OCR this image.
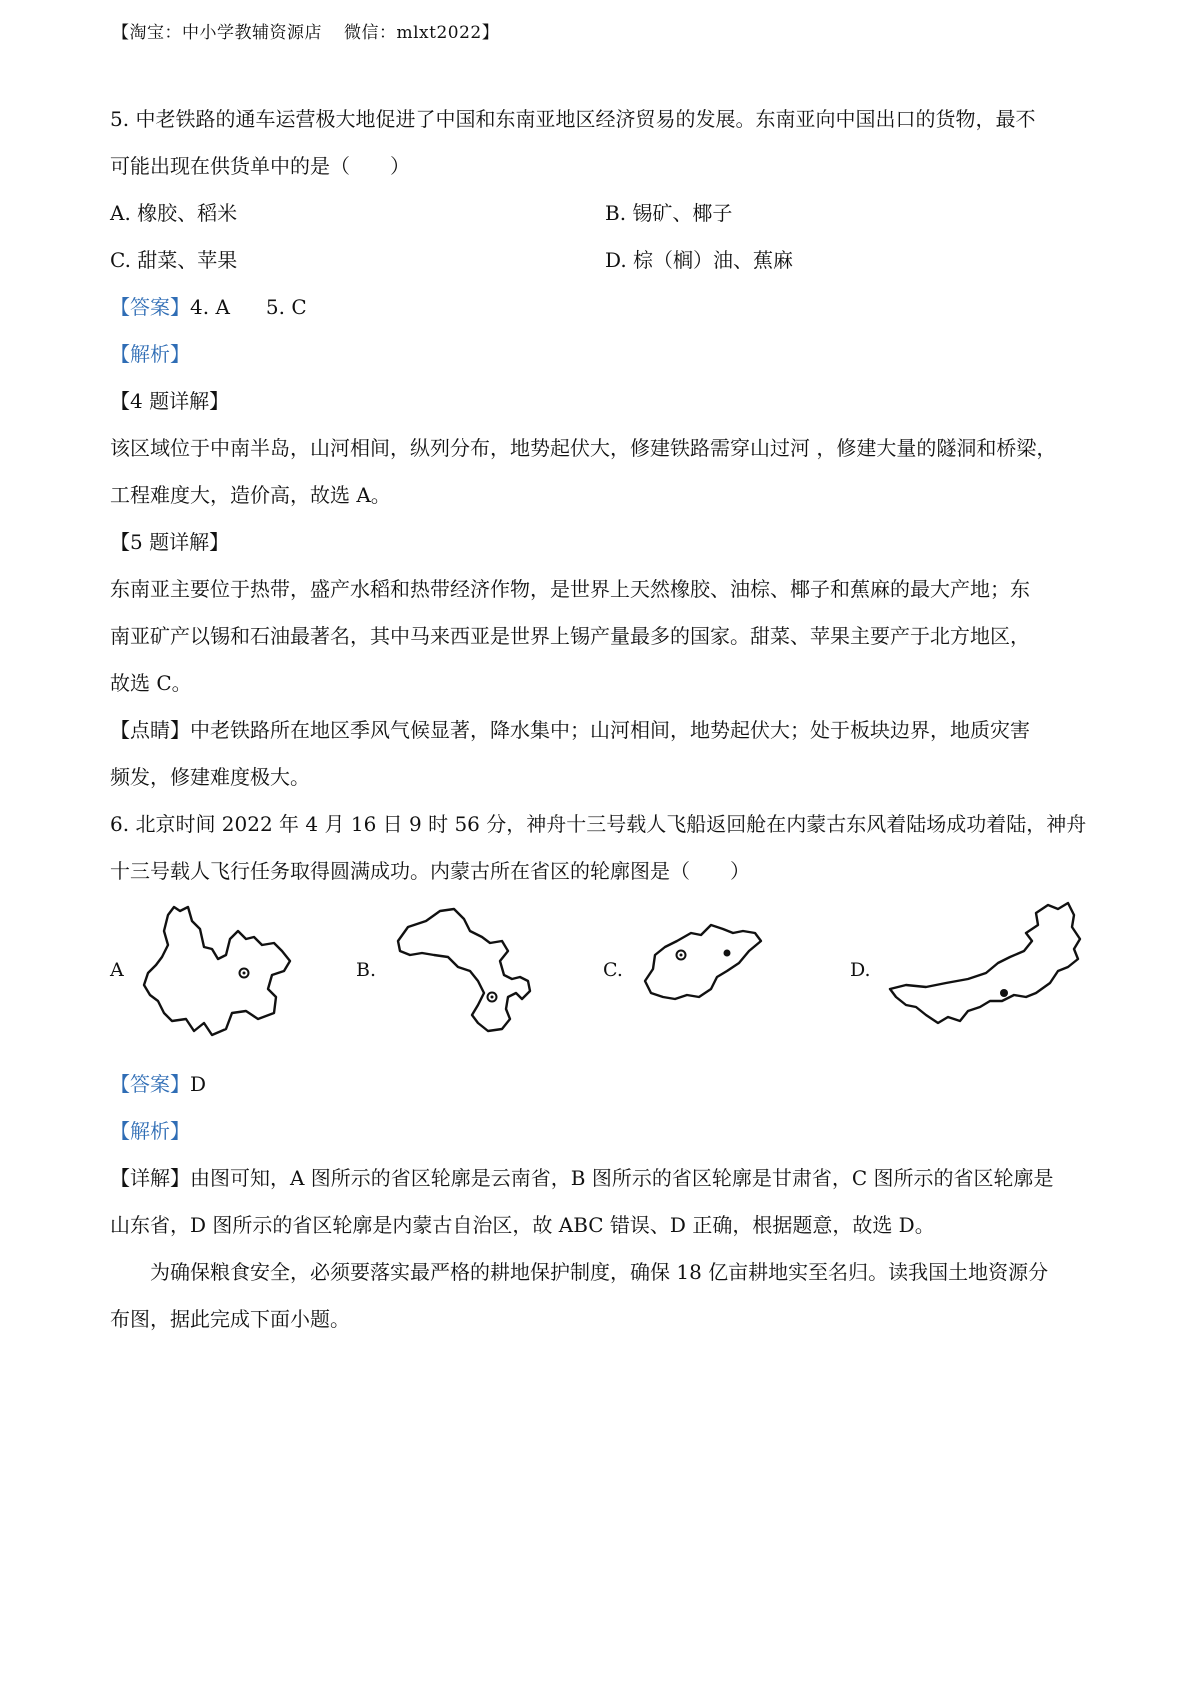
【淘宝：中小学教辅资源店 微信：mlxt2022】

5. 中老铁路的通车运营极大地促进了中国和东南亚地区经济贸易的发展。东南亚向中国出口的货物，最不

可能出现在供货单中的是（　　）

A. 橡胶、稻米	B. 锡矿、椰子
C. 甜菜、苹果	D. 棕（榈）油、蕉麻

【答案】4. A 5. C

【解析】

【4 题详解】

该区域位于中南半岛，山河相间，纵列分布，地势起伏大，修建铁路需穿山过河 ，修建大量的隧洞和桥梁，

工程难度大，造价高，故选 A。

【5 题详解】

东南亚主要位于热带，盛产水稻和热带经济作物，是世界上天然橡胶、油棕、椰子和蕉麻的最大产地；东

南亚矿产以锡和石油最著名，其中马来西亚是世界上锡产量最多的国家。甜菜、苹果主要产于北方地区，

故选 C。

【点睛】中老铁路所在地区季风气候显著，降水集中；山河相间，地势起伏大；处于板块边界，地质灾害

频发，修建难度极大。

6. 北京时间 2022 年 4 月 16 日 9 时 56 分，神舟十三号载人飞船返回舱在内蒙古东风着陆场成功着陆，神舟

十三号载人飞行任务取得圆满成功。内蒙古所在省区的轮廓图是（　　）

A	B.	C.	D.

【答案】D

【解析】

【详解】由图可知，A 图所示的省区轮廓是云南省，B 图所示的省区轮廓是甘肃省，C 图所示的省区轮廓是

山东省，D 图所示的省区轮廓是内蒙古自治区，故 ABC 错误、D 正确，根据题意，故选 D。

为确保粮食安全，必须要落实最严格的耕地保护制度，确保 18 亿亩耕地实至名归。读我国土地资源分

布图，据此完成下面小题。
